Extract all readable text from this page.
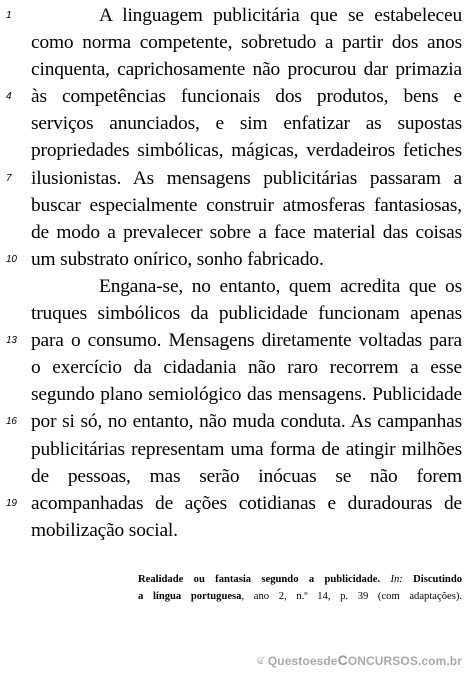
1	A linguagem publicitária que se estabeleceu
como norma competente, sobretudo a partir dos anos
cinquenta, caprichosamente não procurou dar primazia
4	às competências funcionais dos produtos, bens e
serviços anunciados, e sim enfatizar as supostas
propriedades simbólicas, mágicas, verdadeiros fetiches
7	ilusionistas. As mensagens publicitárias passaram a
buscar especialmente construir atmosferas fantasiosas,
de modo a prevalecer sobre a face material das coisas
10 um substrato onírico, sonho fabricado.
Engana-se, no entanto, quem acredita que os
truques simbólicos da publicidade funcionam apenas
13 para o consumo. Mensagens diretamente voltadas para
o exercício da cidadania não raro recorrem a esse
segundo plano semiológico das mensagens. Publicidade
16 por si só, no entanto, não muda conduta. As campanhas
publicitárias representam uma forma de atingir milhões
de pessoas, mas serão inócuas se não forem
19 acompanhadas de ações cotidianas e duradouras de
mobilização social.
Realidade ou fantasia segundo a publicidade. In: Discutindo
a língua portuguesa, ano 2, n.º 14, p. 39 (com adaptações).
QuestoesdeCONCURSOS.com.br
